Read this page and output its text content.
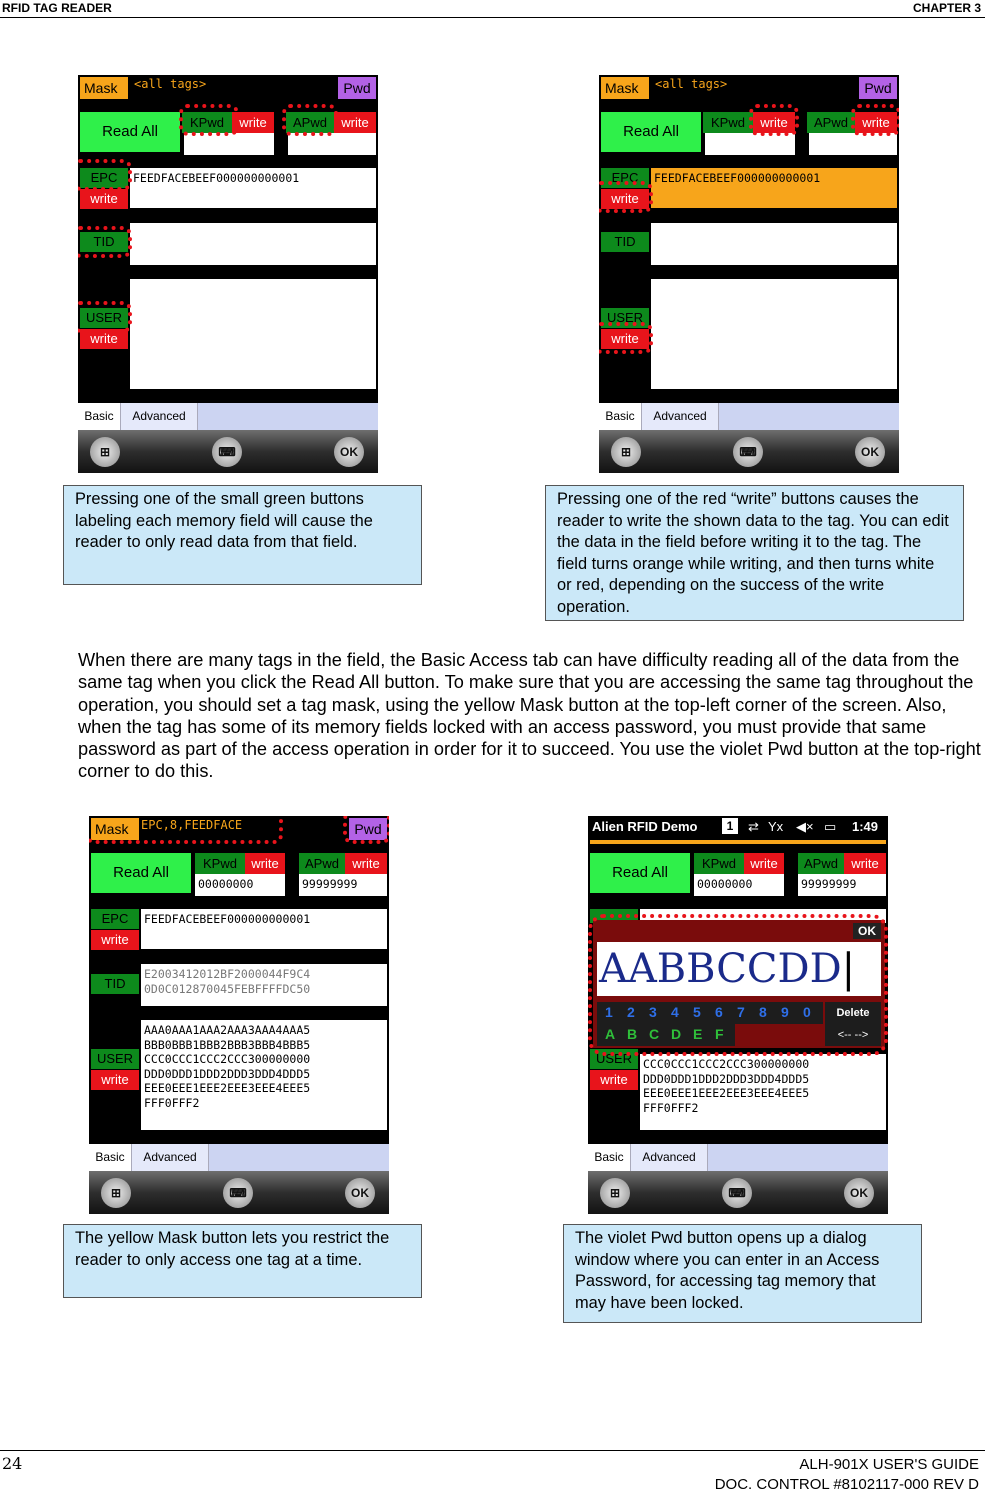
RFID TAG READER	CHAPTER 3
Mask	<all tags>	Pwd
Read All
KPwd	write	APwd	write
EPC
write
FEEDFACEBEEF000000000001
TID
USER
write
Basic	Advanced
⊞	⌨	OK
Mask	<all tags>	Pwd
Read All
KPwd	write	APwd	write
EPC
write
FEEDFACEBEEF000000000001
TID
USER
write
Basic	Advanced
⊞	⌨	OK
Pressing one of the small green buttons labeling each memory field will cause the reader to only read data from that field.
Pressing one of the red “write” buttons causes the reader to write the shown data to the tag. You can edit the data in the field before writing it to the tag. The field turns orange while writing, and then turns white or red, depending on the success of the write operation.
When there are many tags in the field, the Basic Access tab can have difficulty reading all of the data from the same tag when you click the Read All button. To make sure that you are accessing the same tag throughout the operation, you should set a tag mask, using the yellow Mask button at the top-left corner of the screen. Also, when the tag has some of its memory fields locked with an access password, you must provide that same password as part of the access operation in order for it to succeed. You use the violet Pwd button at the top-right corner to do this.
Mask	EPC,8,FEEDFACE	Pwd
Read All
KPwd	write
00000000
APwd	write
99999999
EPC
write
FEEDFACEBEEF000000000001
TID
E2003412012BF2000044F9C4
0D0C012870045FEBFFFFDC50
USER
write
AAA0AAA1AAA2AAA3AAA4AAA5
BBB0BBB1BBB2BBB3BBB4BBB5
CCC0CCC1CCC2CCC300000000
DDD0DDD1DDD2DDD3DDD4DDD5
EEE0EEE1EEE2EEE3EEE4EEE5
FFF0FFF2
Basic	Advanced
⊞	⌨	OK
Alien RFID Demo	1	⇄ Yx ◀× ▭ 1:49
Read All
KPwd	write
00000000
APwd	write
99999999
USER
write
CCC0CCC1CCC2CCC300000000
DDD0DDD1DDD2DDD3DDD4DDD5
EEE0EEE1EEE2EEE3EEE4EEE5
FFF0FFF2
OK
AABBCCDD|
1 2 3 4 5 6 7 8 9 0
A B C D E F
Delete
<-- -->
Basic	Advanced
⊞	⌨	OK
The yellow Mask button lets you restrict the reader to only access one tag at a time.
The violet Pwd button opens up a dialog window where you can enter in an Access Password, for accessing tag memory that may have been locked.
24	ALH-901X USER'S GUIDE
DOC. CONTROL #8102117-000 REV D
